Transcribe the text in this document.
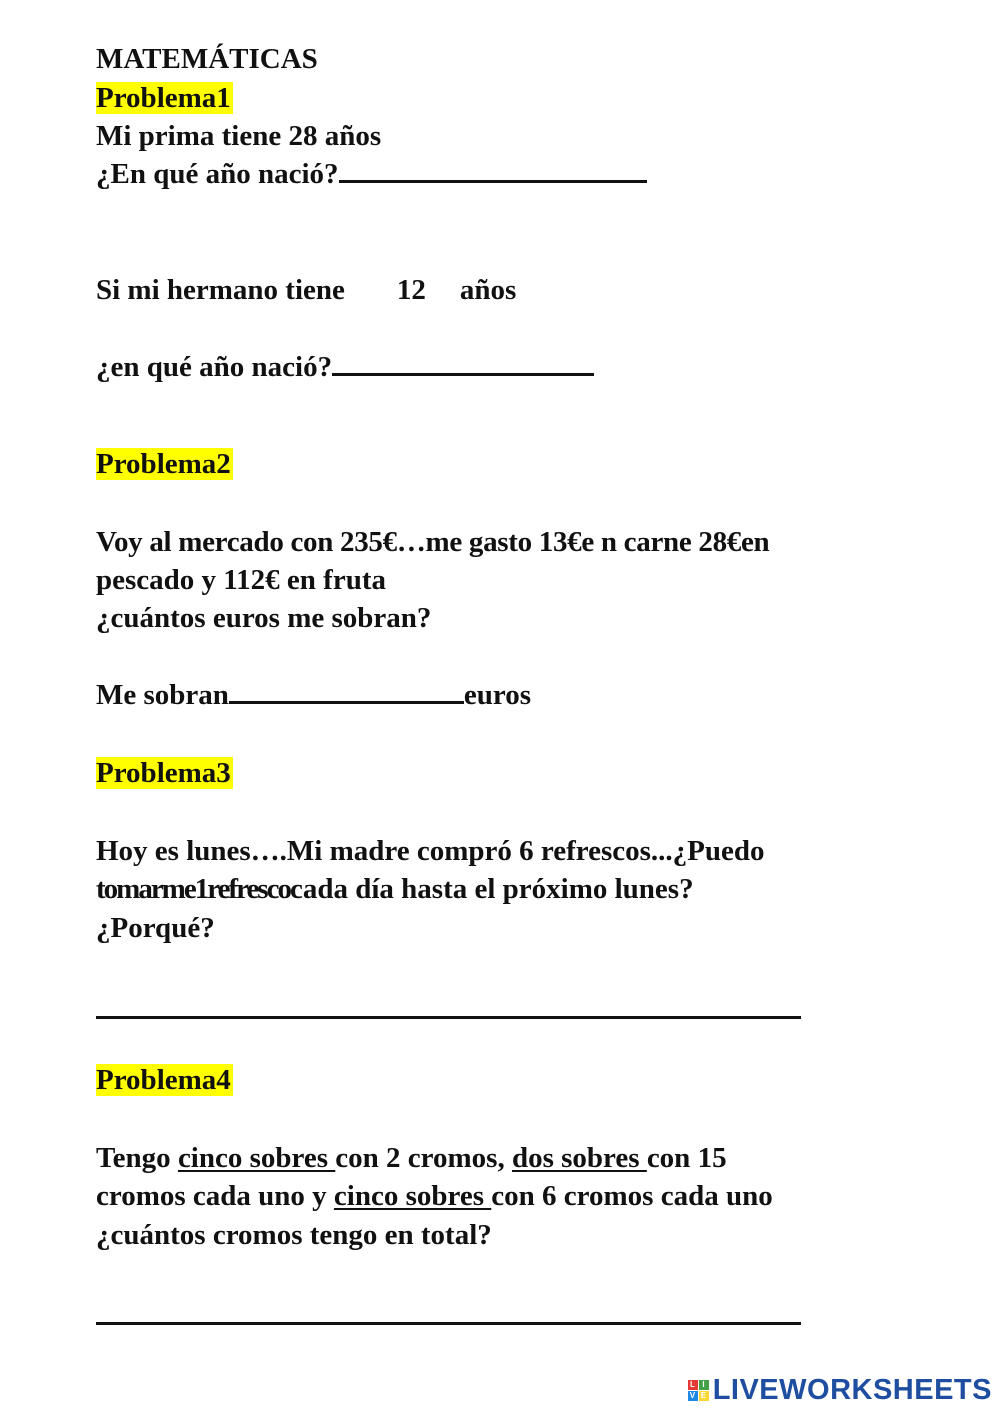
MATEMÁTICAS
Problema1
Mi prima tiene 28 años
¿En qué año nació?
Si mi hermano tiene 12 años
¿en qué año nació?
Problema2
Voy al mercado con 235€…me gasto 13€e n carne 28€en
pescado y 112€ en fruta
¿cuántos euros me sobran?
Me sobran	euros
Problema3
Hoy es lunes….Mi madre compró 6 refrescos...¿Puedo
tomarme1refrescocada día hasta el próximo lunes?
¿Porqué?
Problema4
Tengo cinco sobres con 2 cromos, dos sobres con 15
cromos cada uno y cinco sobres con 6 cromos cada uno
¿cuántos cromos tengo en total?
L I
V E LIVEWORKSHEETS
